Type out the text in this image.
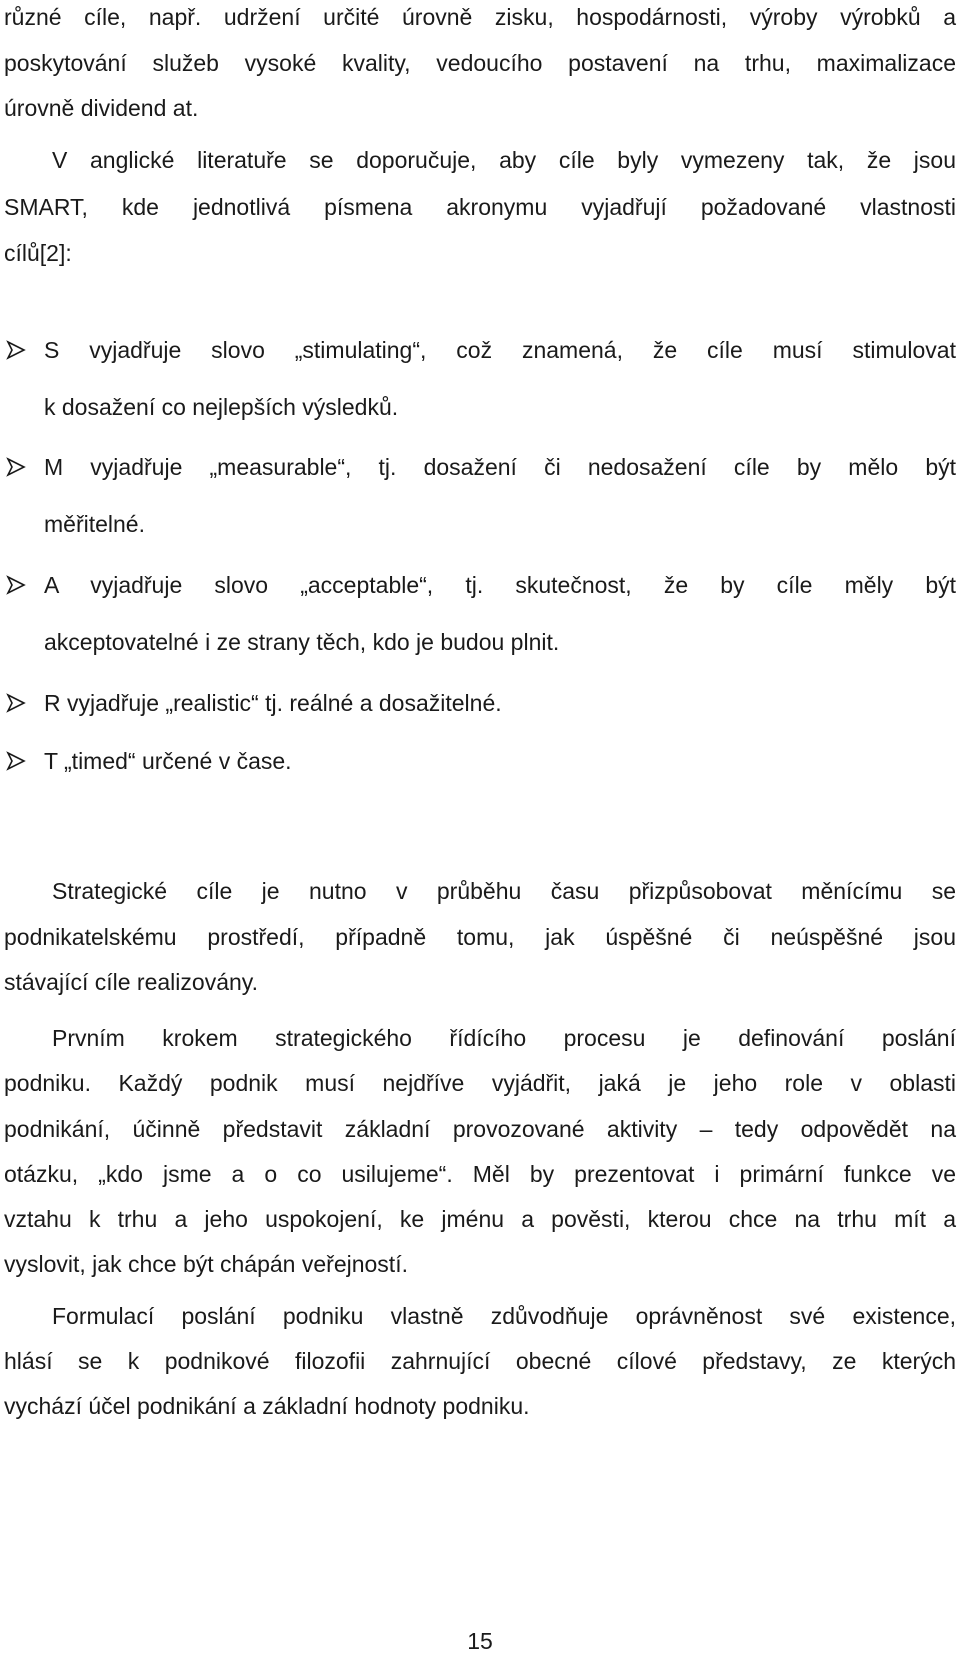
různé cíle, např. udržení určité úrovně zisku, hospodárnosti, výroby výrobků a
poskytování služeb vysoké kvality, vedoucího postavení na trhu, maximalizace
úrovně dividend at.
V anglické literatuře se doporučuje, aby cíle byly vymezeny tak, že jsou
SMART, kde jednotlivá písmena akronymu vyjadřují požadované vlastnosti
cílů[2]:
S vyjadřuje slovo „stimulating“, což znamená, že cíle musí stimulovat
k dosažení co nejlepších výsledků.
M vyjadřuje „measurable“, tj. dosažení či nedosažení cíle by mělo být
měřitelné.
A vyjadřuje slovo „acceptable“, tj. skutečnost, že by cíle měly být
akceptovatelné i ze strany těch, kdo je budou plnit.
R vyjadřuje „realistic“ tj. reálné a dosažitelné.
T „timed“ určené v čase.
Strategické cíle je nutno v průběhu času přizpůsobovat měnícímu se
podnikatelskému prostředí, případně tomu, jak úspěšné či neúspěšné jsou
stávající cíle realizovány.
Prvním krokem strategického řídícího procesu je definování poslání
podniku. Každý podnik musí nejdříve vyjádřit, jaká je jeho role v oblasti
podnikání, účinně představit základní provozované aktivity – tedy odpovědět na
otázku, „kdo jsme a o co usilujeme“. Měl by prezentovat i primární funkce ve
vztahu k trhu a jeho uspokojení, ke jménu a pověsti, kterou chce na trhu mít a
vyslovit, jak chce být chápán veřejností.
Formulací poslání podniku vlastně zdůvodňuje oprávněnost své existence,
hlásí se k podnikové filozofii zahrnující obecné cílové představy, ze kterých
vychází účel podnikání a základní hodnoty podniku.
15
